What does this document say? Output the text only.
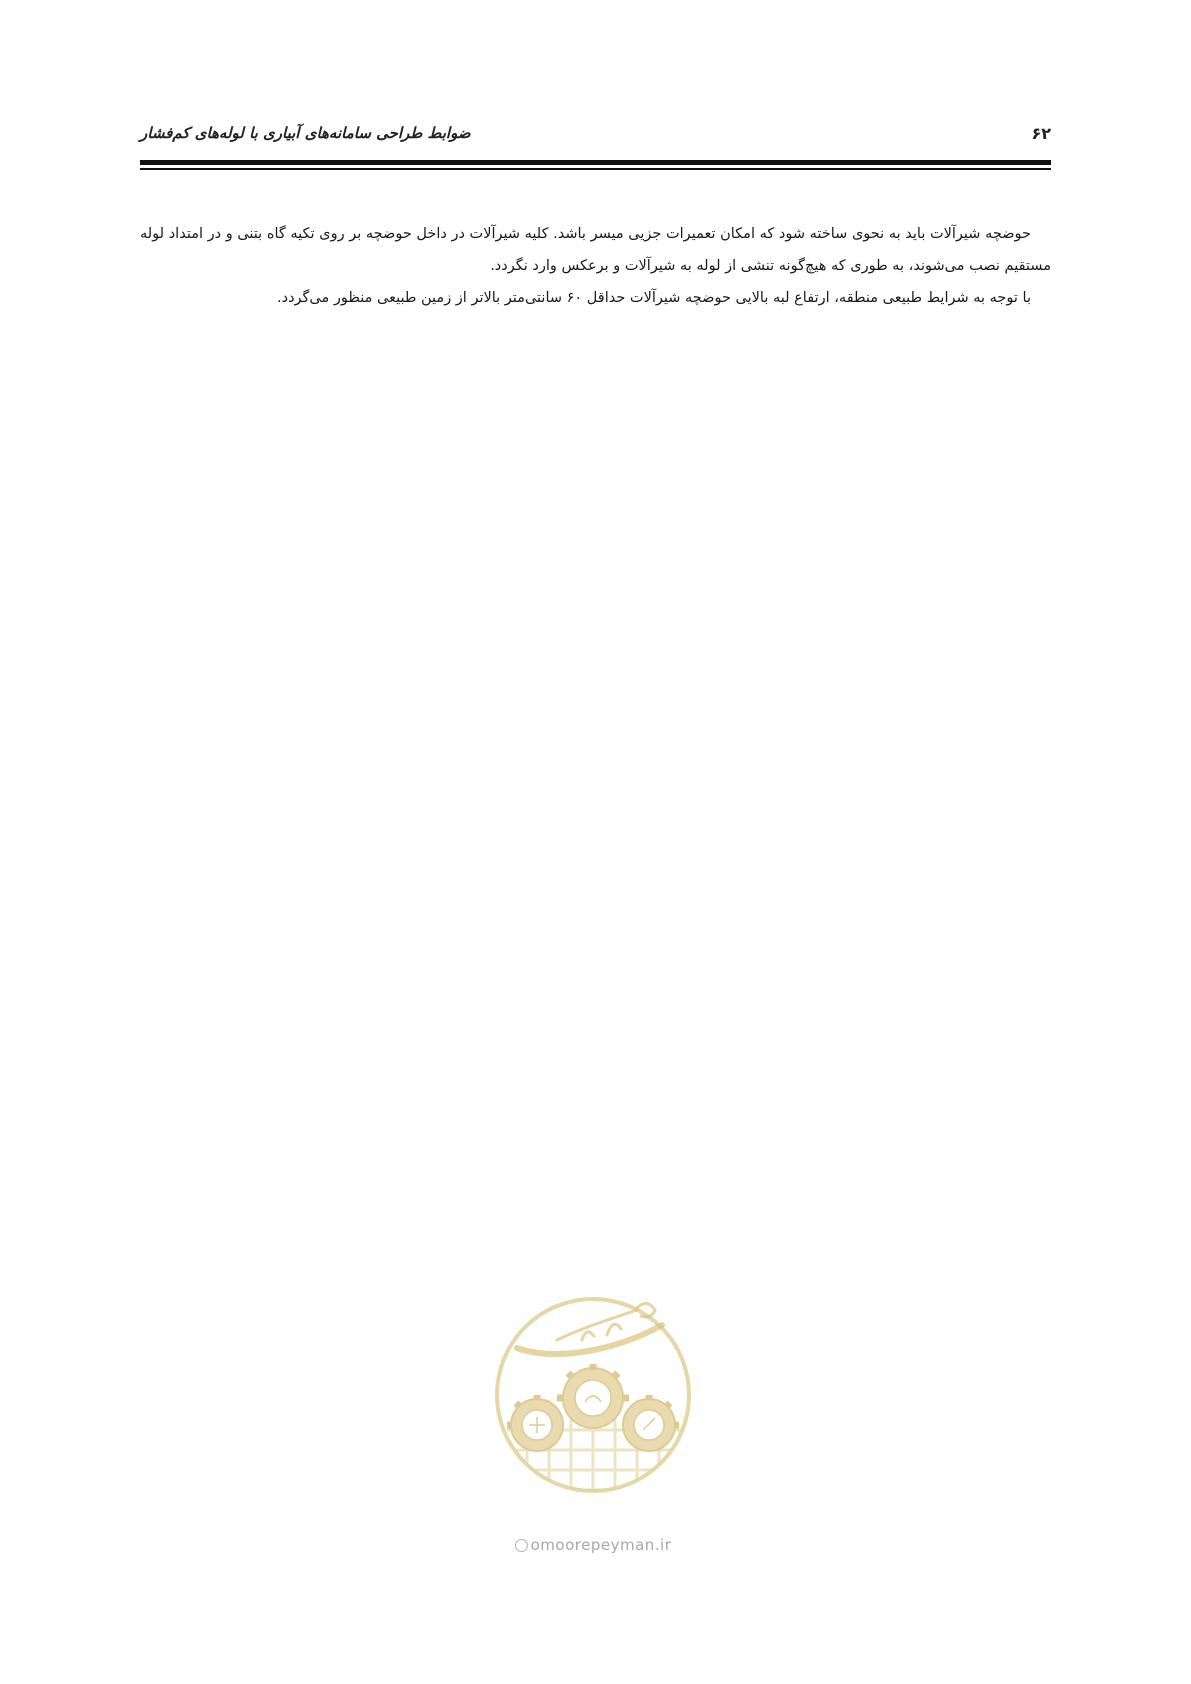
ضوابط طراحی سامانه‌های آبیاری با لوله‌های کم‌فشار	۶۲

حوضچه شیرآلات باید به نحوی ساخته شود که امکان تعمیرات جزیی میسر باشد. کلیه شیرآلات در داخل حوضچه بر روی تکیه گاه بتنی و در امتداد لوله مستقیم نصب می‌شوند، به طوری که هیچ‌گونه تنشی از لوله به شیرآلات و برعکس وارد نگردد.

با توجه به شرایط طبیعی منطقه، ارتفاع لبه بالایی حوضچه شیرآلات حداقل ۶۰ سانتی‌متر بالاتر از زمین طبیعی منظور می‌گردد.

omoorepeyman.ir
